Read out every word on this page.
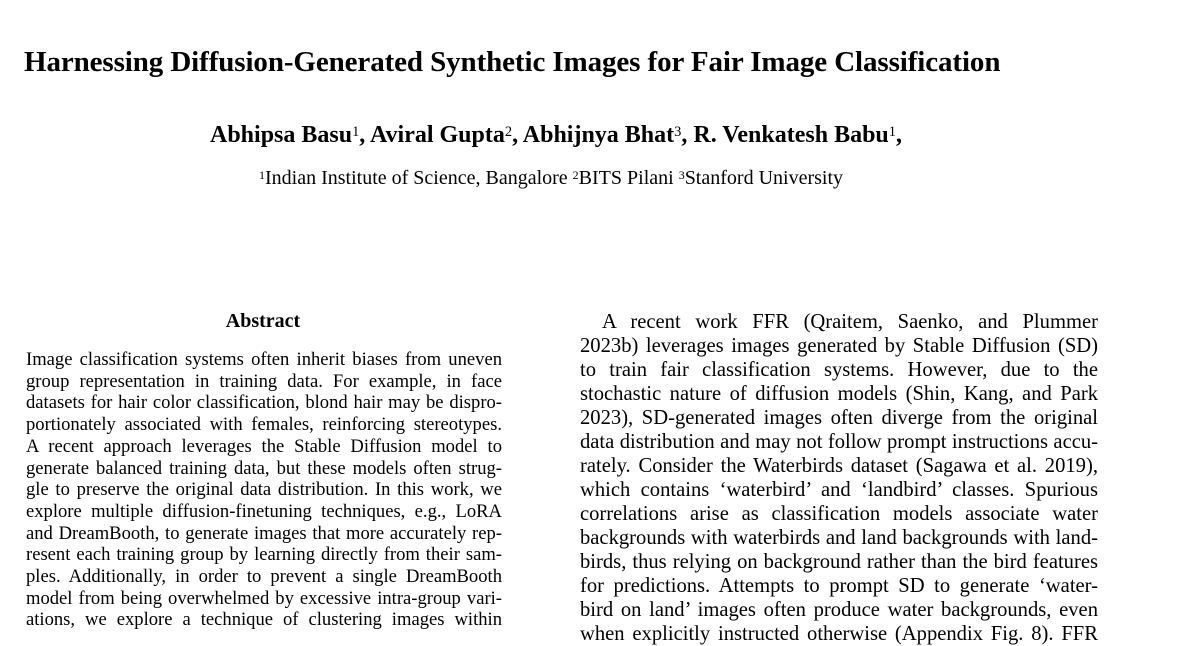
Harnessing Diffusion-Generated Synthetic Images for Fair Image Classification
Abhipsa Basu$^1$, Aviral Gupta$^2$, Abhijnya Bhat$^3$, R. Venkatesh Babu$^1$,
$^1$Indian Institute of Science, Bangalore $^2$BITS Pilani $^3$Stanford University
Abstract
Image classification systems often inherit biases from uneven
group representation in training data. For example, in face
datasets for hair color classification, blond hair may be dispro-
portionately associated with females, reinforcing stereotypes.
A recent approach leverages the Stable Diffusion model to
generate balanced training data, but these models often strug-
gle to preserve the original data distribution. In this work, we
explore multiple diffusion-finetuning techniques, e.g., LoRA
and DreamBooth, to generate images that more accurately rep-
resent each training group by learning directly from their sam-
ples. Additionally, in order to prevent a single DreamBooth
model from being overwhelmed by excessive intra-group vari-
ations, we explore a technique of clustering images within
A recent work FFR (Qraitem, Saenko, and Plummer
2023b) leverages images generated by Stable Diffusion (SD)
to train fair classification systems. However, due to the
stochastic nature of diffusion models (Shin, Kang, and Park
2023), SD-generated images often diverge from the original
data distribution and may not follow prompt instructions accu-
rately. Consider the Waterbirds dataset (Sagawa et al. 2019),
which contains ‘waterbird’ and ‘landbird’ classes. Spurious
correlations arise as classification models associate water
backgrounds with waterbirds and land backgrounds with land-
birds, thus relying on background rather than the bird features
for predictions. Attempts to prompt SD to generate ‘water-
bird on land’ images often produce water backgrounds, even
when explicitly instructed otherwise (Appendix Fig. 8). FFR
